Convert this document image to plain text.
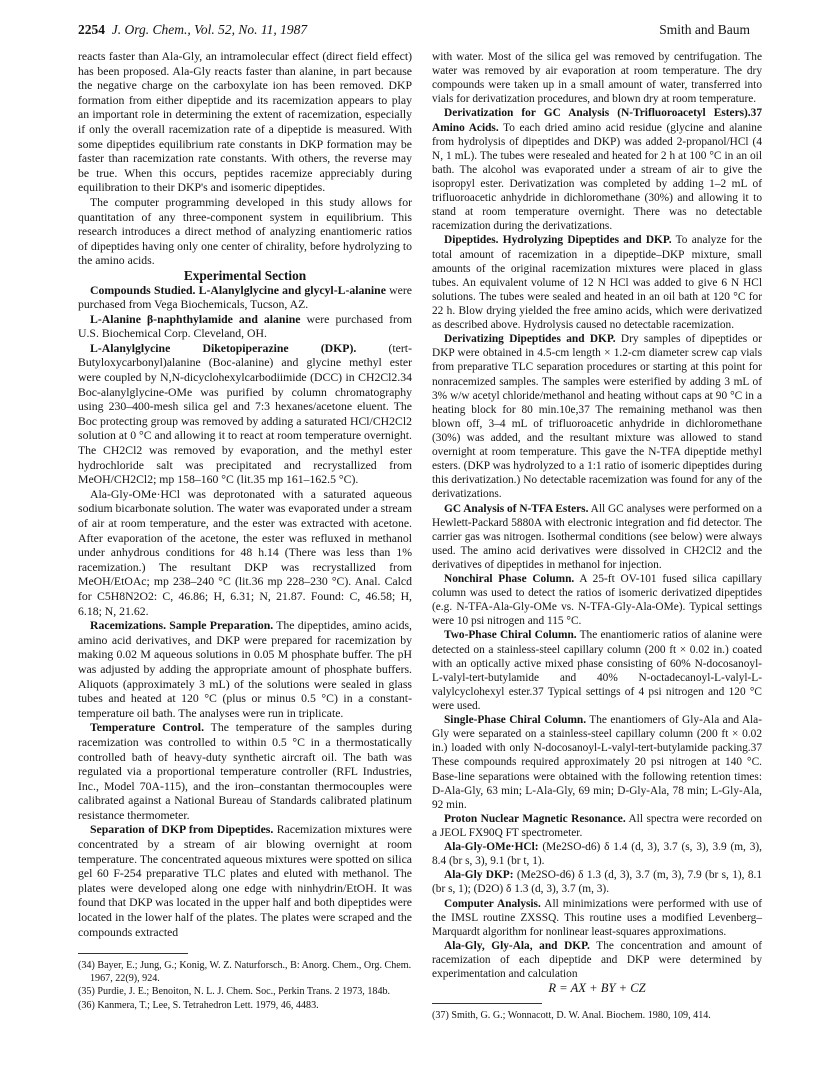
2254 J. Org. Chem., Vol. 52, No. 11, 1987	Smith and Baum

reacts faster than Ala-Gly, an intramolecular effect (direct field effect) has been proposed. Ala-Gly reacts faster than alanine, in part because the negative charge on the carboxylate ion has been removed. DKP formation from either dipeptide and its racemization appears to play an important role in determining the extent of racemization, especially if only the overall racemization rate of a dipeptide is measured. With some dipeptides equilibrium rate constants in DKP formation may be faster than racemization rate constants. With others, the reverse may be true. When this occurs, peptides racemize appreciably during equilibration to their DKP's and isomeric dipeptides.

The computer programming developed in this study allows for quantitation of any three-component system in equilibrium. This research introduces a direct method of analyzing enantiomeric ratios of dipeptides having only one center of chirality, before hydrolyzing to the amino acids.

Experimental Section

Compounds Studied. L-Alanylglycine and glycyl-L-alanine were purchased from Vega Biochemicals, Tucson, AZ.

L-Alanine β-naphthylamide and alanine were purchased from U.S. Biochemical Corp. Cleveland, OH.

L-Alanylglycine Diketopiperazine (DKP). (tert-Butyloxycarbonyl)alanine (Boc-alanine) and glycine methyl ester were coupled by N,N-dicyclohexylcarbodiimide (DCC) in CH2Cl2.34 Boc-alanylglycine-OMe was purified by column chromatography using 230–400-mesh silica gel and 7:3 hexanes/acetone eluent. The Boc protecting group was removed by adding a saturated HCl/CH2Cl2 solution at 0 °C and allowing it to react at room temperature overnight. The CH2Cl2 was removed by evaporation, and the methyl ester hydrochloride salt was precipitated and recrystallized from MeOH/CH2Cl2; mp 158–160 °C (lit.35 mp 161–162.5 °C).

Ala-Gly-OMe·HCl was deprotonated with a saturated aqueous sodium bicarbonate solution. The water was evaporated under a stream of air at room temperature, and the ester was extracted with acetone. After evaporation of the acetone, the ester was refluxed in methanol under anhydrous conditions for 48 h.14 (There was less than 1% racemization.) The resultant DKP was recrystallized from MeOH/EtOAc; mp 238–240 °C (lit.36 mp 228–230 °C). Anal. Calcd for C5H8N2O2: C, 46.86; H, 6.31; N, 21.87. Found: C, 46.58; H, 6.18; N, 21.62.

Racemizations. Sample Preparation. The dipeptides, amino acids, amino acid derivatives, and DKP were prepared for racemization by making 0.02 M aqueous solutions in 0.05 M phosphate buffer. The pH was adjusted by adding the appropriate amount of phosphate buffers. Aliquots (approximately 3 mL) of the solutions were sealed in glass tubes and heated at 120 °C (plus or minus 0.5 °C) in a constant-temperature oil bath. The analyses were run in triplicate.

Temperature Control. The temperature of the samples during racemization was controlled to within 0.5 °C in a thermostatically controlled bath of heavy-duty synthetic aircraft oil. The bath was regulated via a proportional temperature controller (RFL Industries, Inc., Model 70A-115), and the iron–constantan thermocouples were calibrated against a National Bureau of Standards calibrated platinum resistance thermometer.

Separation of DKP from Dipeptides. Racemization mixtures were concentrated by a stream of air blowing overnight at room temperature. The concentrated aqueous mixtures were spotted on silica gel 60 F-254 preparative TLC plates and eluted with methanol. The plates were developed along one edge with ninhydrin/EtOH. It was found that DKP was located in the upper half and both dipeptides were located in the lower half of the plates. The plates were scraped and the compounds extracted

(34) Bayer, E.; Jung, G.; Konig, W. Z. Naturforsch., B: Anorg. Chem., Org. Chem. 1967, 22(9), 924.
(35) Purdie, J. E.; Benoiton, N. L. J. Chem. Soc., Perkin Trans. 2 1973, 184b.
(36) Kanmera, T.; Lee, S. Tetrahedron Lett. 1979, 46, 4483.

with water. Most of the silica gel was removed by centrifugation. The water was removed by air evaporation at room temperature. The dry compounds were taken up in a small amount of water, transferred into vials for derivatization procedures, and blown dry at room temperature.

Derivatization for GC Analysis (N-Trifluoroacetyl Esters).37 Amino Acids. To each dried amino acid residue (glycine and alanine from hydrolysis of dipeptides and DKP) was added 2-propanol/HCl (4 N, 1 mL). The tubes were resealed and heated for 2 h at 100 °C in an oil bath. The alcohol was evaporated under a stream of air to give the isopropyl ester. Derivatization was completed by adding 1–2 mL of trifluoroacetic anhydride in dichloromethane (30%) and allowing it to stand at room temperature overnight. There was no detectable racemization during the derivatizations.

Dipeptides. Hydrolyzing Dipeptides and DKP. To analyze for the total amount of racemization in a dipeptide–DKP mixture, small amounts of the original racemization mixtures were placed in glass tubes. An equivalent volume of 12 N HCl was added to give 6 N HCl solutions. The tubes were sealed and heated in an oil bath at 120 °C for 22 h. Blow drying yielded the free amino acids, which were derivatized as described above. Hydrolysis caused no detectable racemization.

Derivatizing Dipeptides and DKP. Dry samples of dipeptides or DKP were obtained in 4.5-cm length × 1.2-cm diameter screw cap vials from preparative TLC separation procedures or starting at this point for nonracemized samples. The samples were esterified by adding 3 mL of 3% w/w acetyl chloride/methanol and heating without caps at 90 °C in a heating block for 80 min.10e,37 The remaining methanol was then blown off, 3–4 mL of trifluoroacetic anhydride in dichloromethane (30%) was added, and the resultant mixture was allowed to stand overnight at room temperature. This gave the N-TFA dipeptide methyl esters. (DKP was hydrolyzed to a 1:1 ratio of isomeric dipeptides during this derivatization.) No detectable racemization was found for any of the derivatizations.

GC Analysis of N-TFA Esters. All GC analyses were performed on a Hewlett-Packard 5880A with electronic integration and fid detector. The carrier gas was nitrogen. Isothermal conditions (see below) were always used. The amino acid derivatives were dissolved in CH2Cl2 and the derivatives of dipeptides in methanol for injection.

Nonchiral Phase Column. A 25-ft OV-101 fused silica capillary column was used to detect the ratios of isomeric derivatized dipeptides (e.g. N-TFA-Ala-Gly-OMe vs. N-TFA-Gly-Ala-OMe). Typical settings were 10 psi nitrogen and 115 °C.

Two-Phase Chiral Column. The enantiomeric ratios of alanine were detected on a stainless-steel capillary column (200 ft × 0.02 in.) coated with an optically active mixed phase consisting of 60% N-docosanoyl-L-valyl-tert-butylamide and 40% N-octadecanoyl-L-valyl-L-valylcyclohexyl ester.37 Typical settings of 4 psi nitrogen and 120 °C were used.

Single-Phase Chiral Column. The enantiomers of Gly-Ala and Ala-Gly were separated on a stainless-steel capillary column (200 ft × 0.02 in.) loaded with only N-docosanoyl-L-valyl-tert-butylamide packing.37 These compounds required approximately 20 psi nitrogen at 140 °C. Base-line separations were obtained with the following retention times: D-Ala-Gly, 63 min; L-Ala-Gly, 69 min; D-Gly-Ala, 78 min; L-Gly-Ala, 92 min.

Proton Nuclear Magnetic Resonance. All spectra were recorded on a JEOL FX90Q FT spectrometer.

Ala-Gly-OMe·HCl: (Me2SO-d6) δ 1.4 (d, 3), 3.7 (s, 3), 3.9 (m, 3), 8.4 (br s, 3), 9.1 (br t, 1).

Ala-Gly DKP: (Me2SO-d6) δ 1.3 (d, 3), 3.7 (m, 3), 7.9 (br s, 1), 8.1 (br s, 1); (D2O) δ 1.3 (d, 3), 3.7 (m, 3).

Computer Analysis. All minimizations were performed with use of the IMSL routine ZXSSQ. This routine uses a modified Levenberg–Marquardt algorithm for nonlinear least-squares approximations.

Ala-Gly, Gly-Ala, and DKP. The concentration and amount of racemization of each dipeptide and DKP were determined by experimentation and calculation

R = AX + BY + CZ

(37) Smith, G. G.; Wonnacott, D. W. Anal. Biochem. 1980, 109, 414.
